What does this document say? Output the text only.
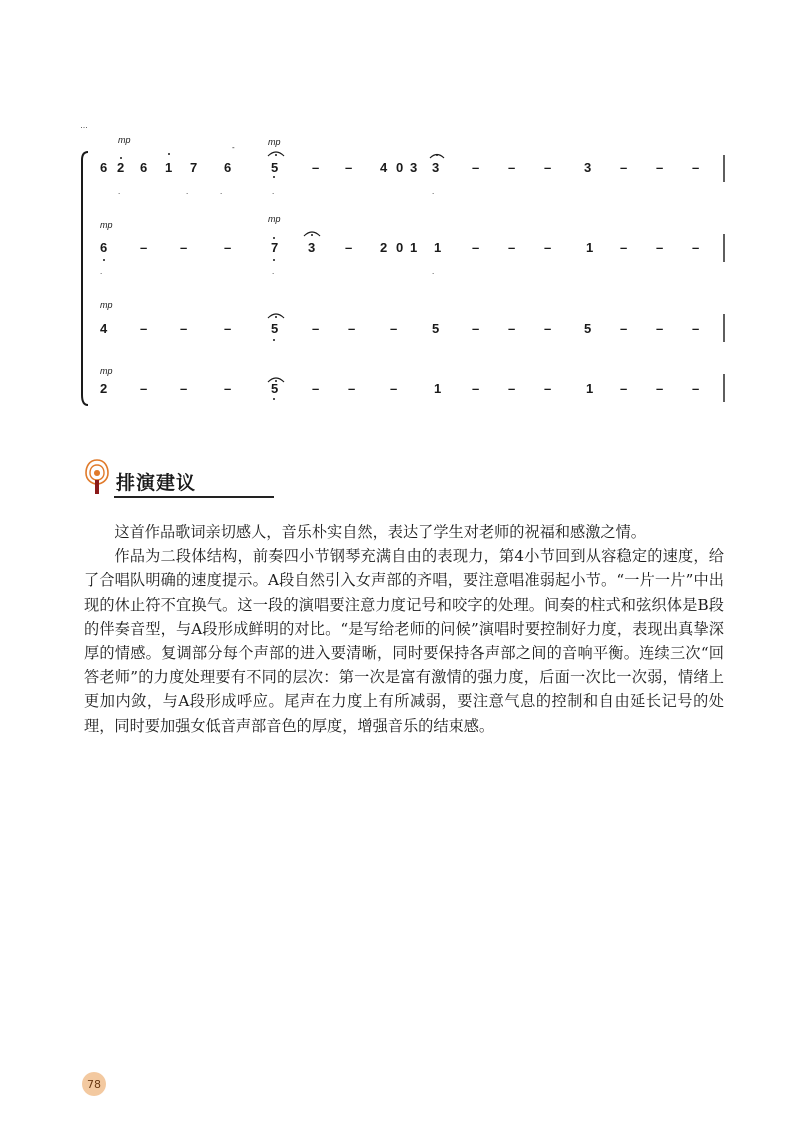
…
mp	mp
-
6 2 6 1 7 6	5	– – 4 0 3 3	– – –	3 – – –
.	.	.	.	.
mp
mp
6	–	–	–	7 3 – 2 0 1 1 – – –	1 – – –
.	.	.
mp
4	–	–	–	5	– –	–	5	– – –	5 – – –
mp
2	–	–	–	5	– –	–	1 – – –	1 – – –
排演建议

这首作品歌词亲切感人，音乐朴实自然，表达了学生对老师的祝福和感激之情。

作品为二段体结构，前奏四小节钢琴充满自由的表现力，第4小节回到从容稳定的速度，给了合唱队明确的速度提示。A段自然引入女声部的齐唱，要注意唱准弱起小节。“一片一片”中出现的休止符不宜换气。这一段的演唱要注意力度记号和咬字的处理。间奏的柱式和弦织体是B段的伴奏音型，与A段形成鲜明的对比。“是写给老师的问候”演唱时要控制好力度，表现出真挚深厚的情感。复调部分每个声部的进入要清晰，同时要保持各声部之间的音响平衡。连续三次“回答老师”的力度处理要有不同的层次：第一次是富有激情的强力度，后面一次比一次弱，情绪上更加内敛，与A段形成呼应。尾声在力度上有所减弱，要注意气息的控制和自由延长记号的处理，同时要加强女低音声部音色的厚度，增强音乐的结束感。

78
